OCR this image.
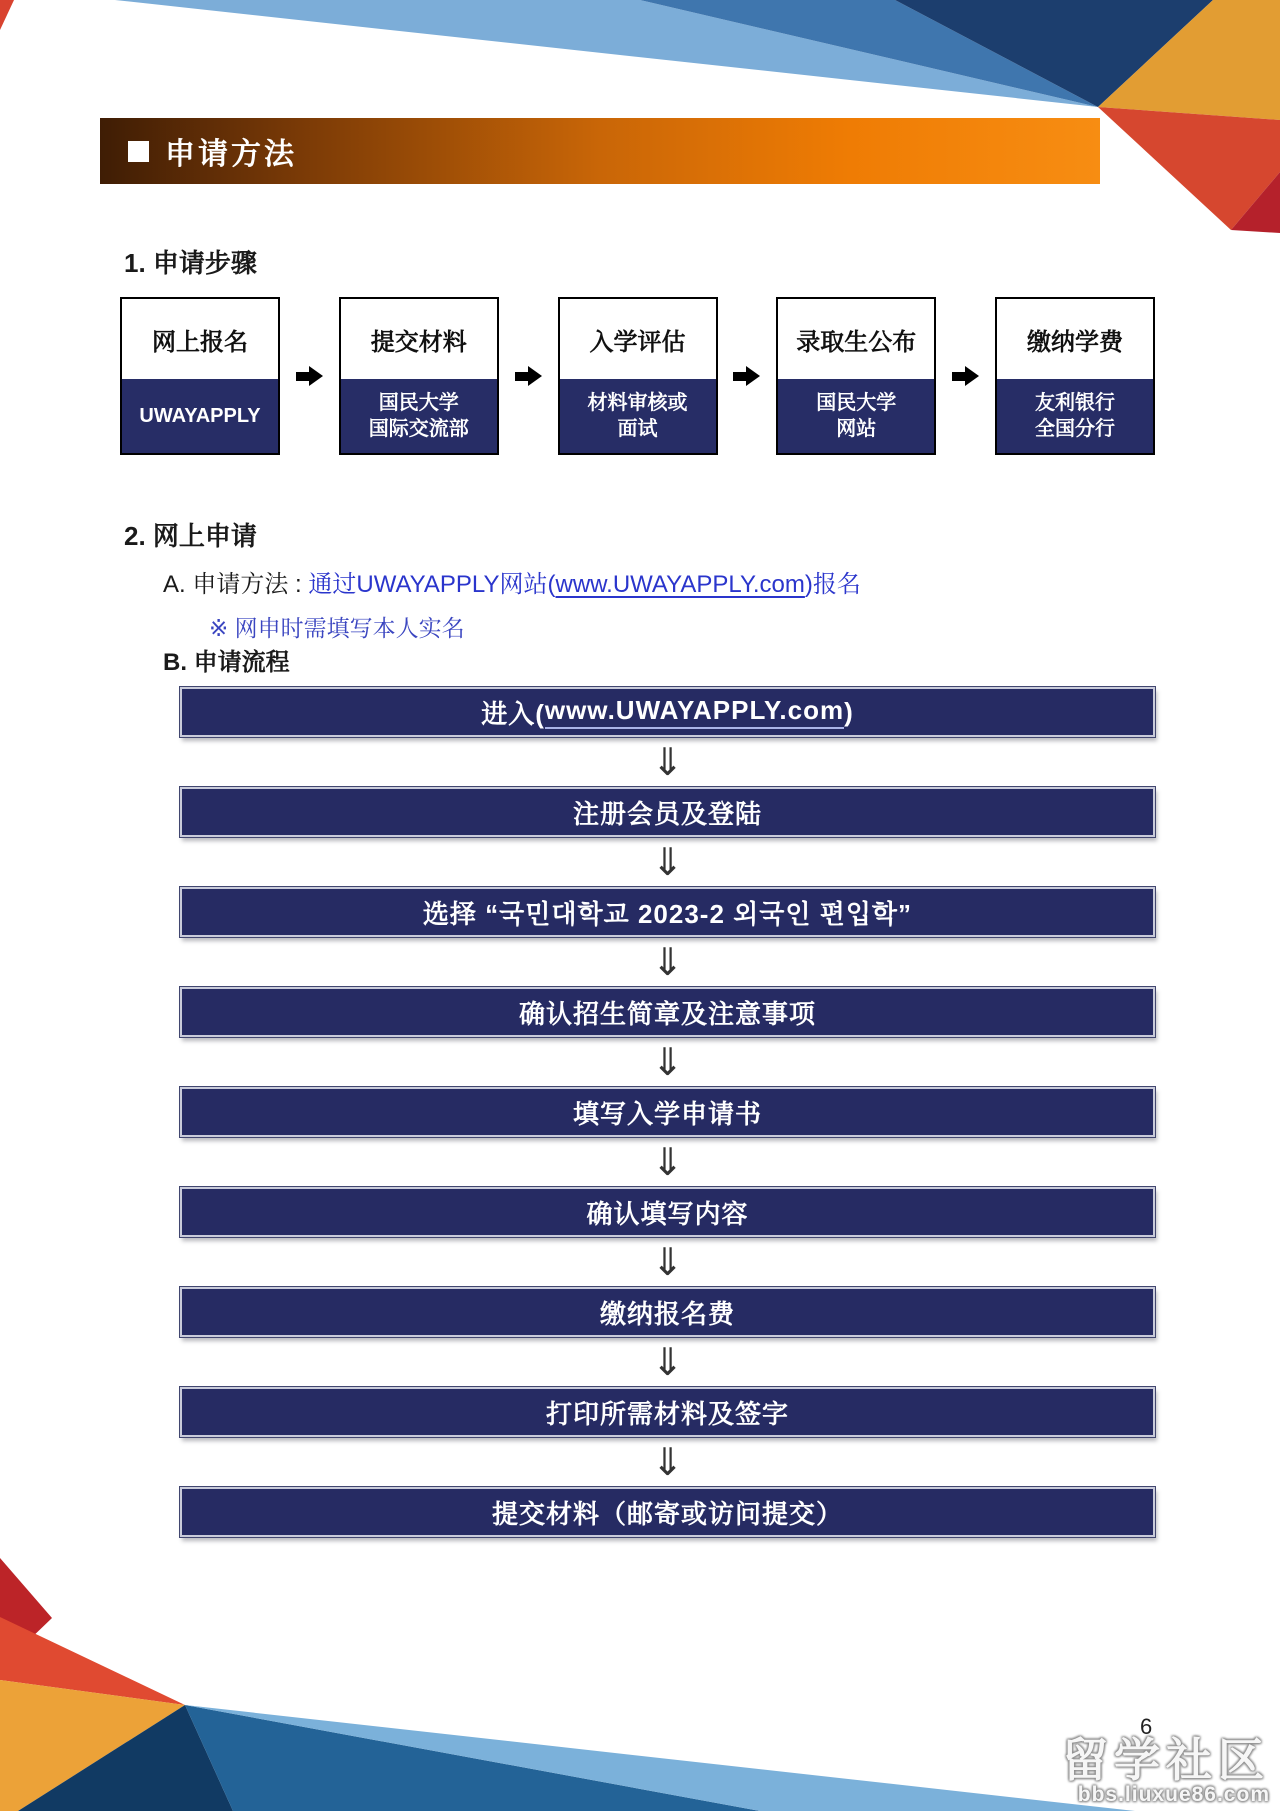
申请方法
1. 申请步骤
网上报名
UWAYAPPLY
提交材料
国民大学
国际交流部
入学评估
材料审核或
面试
录取生公布
国民大学
网站
缴纳学费
友利银行
全国分行
2. 网上申请
A. 申请方法 : 通过UWAYAPPLY网站(www.UWAYAPPLY.com)报名
※ 网申时需填写本人实名
B. 申请流程
进入( www.UWAYAPPLY.com )
⇓
注册会员及登陆
⇓
选择 “국민대학교 2023-2 외국인 편입학”
⇓
确认招生简章及注意事项
⇓
填写入学申请书
⇓
确认填写内容
⇓
缴纳报名费
⇓
打印所需材料及签字
⇓
提交材料（邮寄或访问提交）
6
留学社区
bbs.liuxue86.com
